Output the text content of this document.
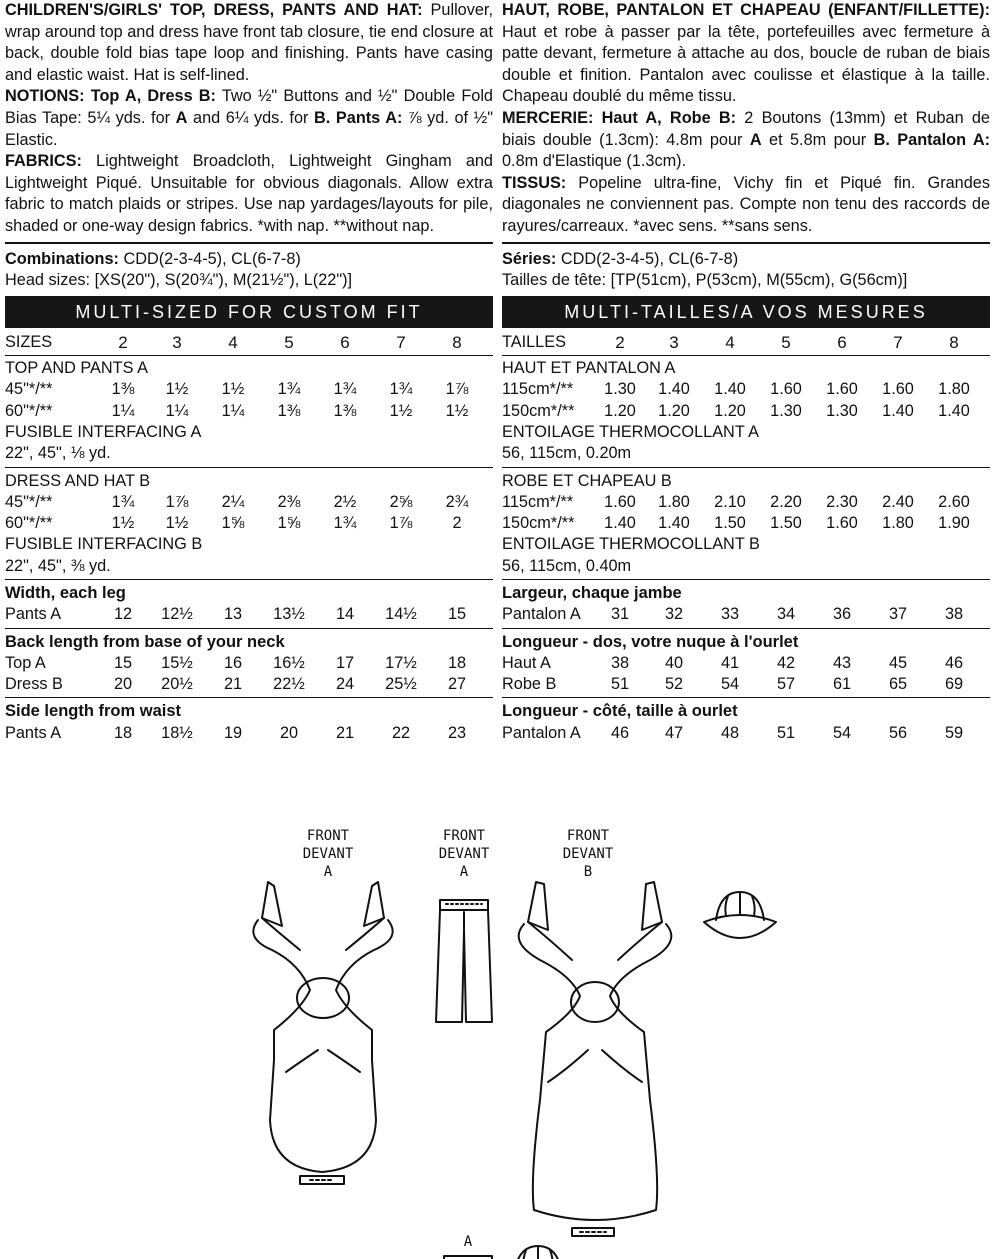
CHILDREN'S/GIRLS' TOP, DRESS, PANTS AND HAT: Pullover, wrap around top and dress have front tab closure, tie end closure at back, double fold bias tape loop and finishing. Pants have casing and elastic waist. Hat is self-lined.

NOTIONS: Top A, Dress B: Two ½" Buttons and ½" Double Fold Bias Tape: 5¼ yds. for A and 6¼ yds. for B. Pants A: ⅞ yd. of ½" Elastic.

FABRICS: Lightweight Broadcloth, Lightweight Gingham and Lightweight Piqué. Unsuitable for obvious diagonals. Allow extra fabric to match plaids or stripes. Use nap yardages/layouts for pile, shaded or one-way design fabrics. *with nap. **without nap.

Combinations: CDD(2-3-4-5), CL(6-7-8)

Head sizes: [XS(20"), S(20¾"), M(21½"), L(22")]

MULTI-SIZED FOR CUSTOM FIT
SIZES	2	3	4	5	6	7	8
TOP AND PANTS A
45"*/**	1⅜	1½	1½	1¾	1¾	1¾	1⅞
60"*/**	1¼	1¼	1¼	1⅜	1⅜	1½	1½
FUSIBLE INTERFACING A
22", 45", ⅛ yd.
DRESS AND HAT B
45"*/**	1¾	1⅞	2¼	2⅜	2½	2⅝	2¾
60"*/**	1½	1½	1⅝	1⅝	1¾	1⅞	2
FUSIBLE INTERFACING B
22", 45", ⅜ yd.
Width, each leg
Pants A	12	12½	13	13½	14	14½	15
Back length from base of your neck
Top A	15	15½	16	16½	17	17½	18
Dress B	20	20½	21	22½	24	25½	27
Side length from waist
Pants A	18	18½	19	20	21	22	23

HAUT, ROBE, PANTALON ET CHAPEAU (ENFANT/FILLETTE): Haut et robe à passer par la tête, portefeuilles avec fermeture à patte devant, fermeture à attache au dos, boucle de ruban de biais double et finition. Pantalon avec coulisse et élastique à la taille. Chapeau doublé du même tissu.

MERCERIE: Haut A, Robe B: 2 Boutons (13mm) et Ruban de biais double (1.3cm): 4.8m pour A et 5.8m pour B. Pantalon A: 0.8m d'Elastique (1.3cm).

TISSUS: Popeline ultra-fine, Vichy fin et Piqué fin. Grandes diagonales ne conviennent pas. Compte non tenu des raccords de rayures/carreaux. *avec sens. **sans sens.

Séries: CDD(2-3-4-5), CL(6-7-8)

Tailles de tête: [TP(51cm), P(53cm), M(55cm), G(56cm)]

MULTI-TAILLES/A VOS MESURES
TAILLES	2	3	4	5	6	7	8
HAUT ET PANTALON A
115cm*/**	1.30	1.40	1.40	1.60	1.60	1.60	1.80
150cm*/**	1.20	1.20	1.20	1.30	1.30	1.40	1.40
ENTOILAGE THERMOCOLLANT A
56, 115cm, 0.20m
ROBE ET CHAPEAU B
115cm*/**	1.60	1.80	2.10	2.20	2.30	2.40	2.60
150cm*/**	1.40	1.40	1.50	1.50	1.60	1.80	1.90
ENTOILAGE THERMOCOLLANT B
56, 115cm, 0.40m
Largeur, chaque jambe
Pantalon A	31	32	33	34	36	37	38
Longueur - dos, votre nuque à l'ourlet
Haut A	38	40	41	42	43	45	46
Robe B	51	52	54	57	61	65	69
Longueur - côté, taille à ourlet
Pantalon A	46	47	48	51	54	56	59
FRONT
DEVANT
A
FRONT
DEVANT
A
FRONT
DEVANT
B
A
